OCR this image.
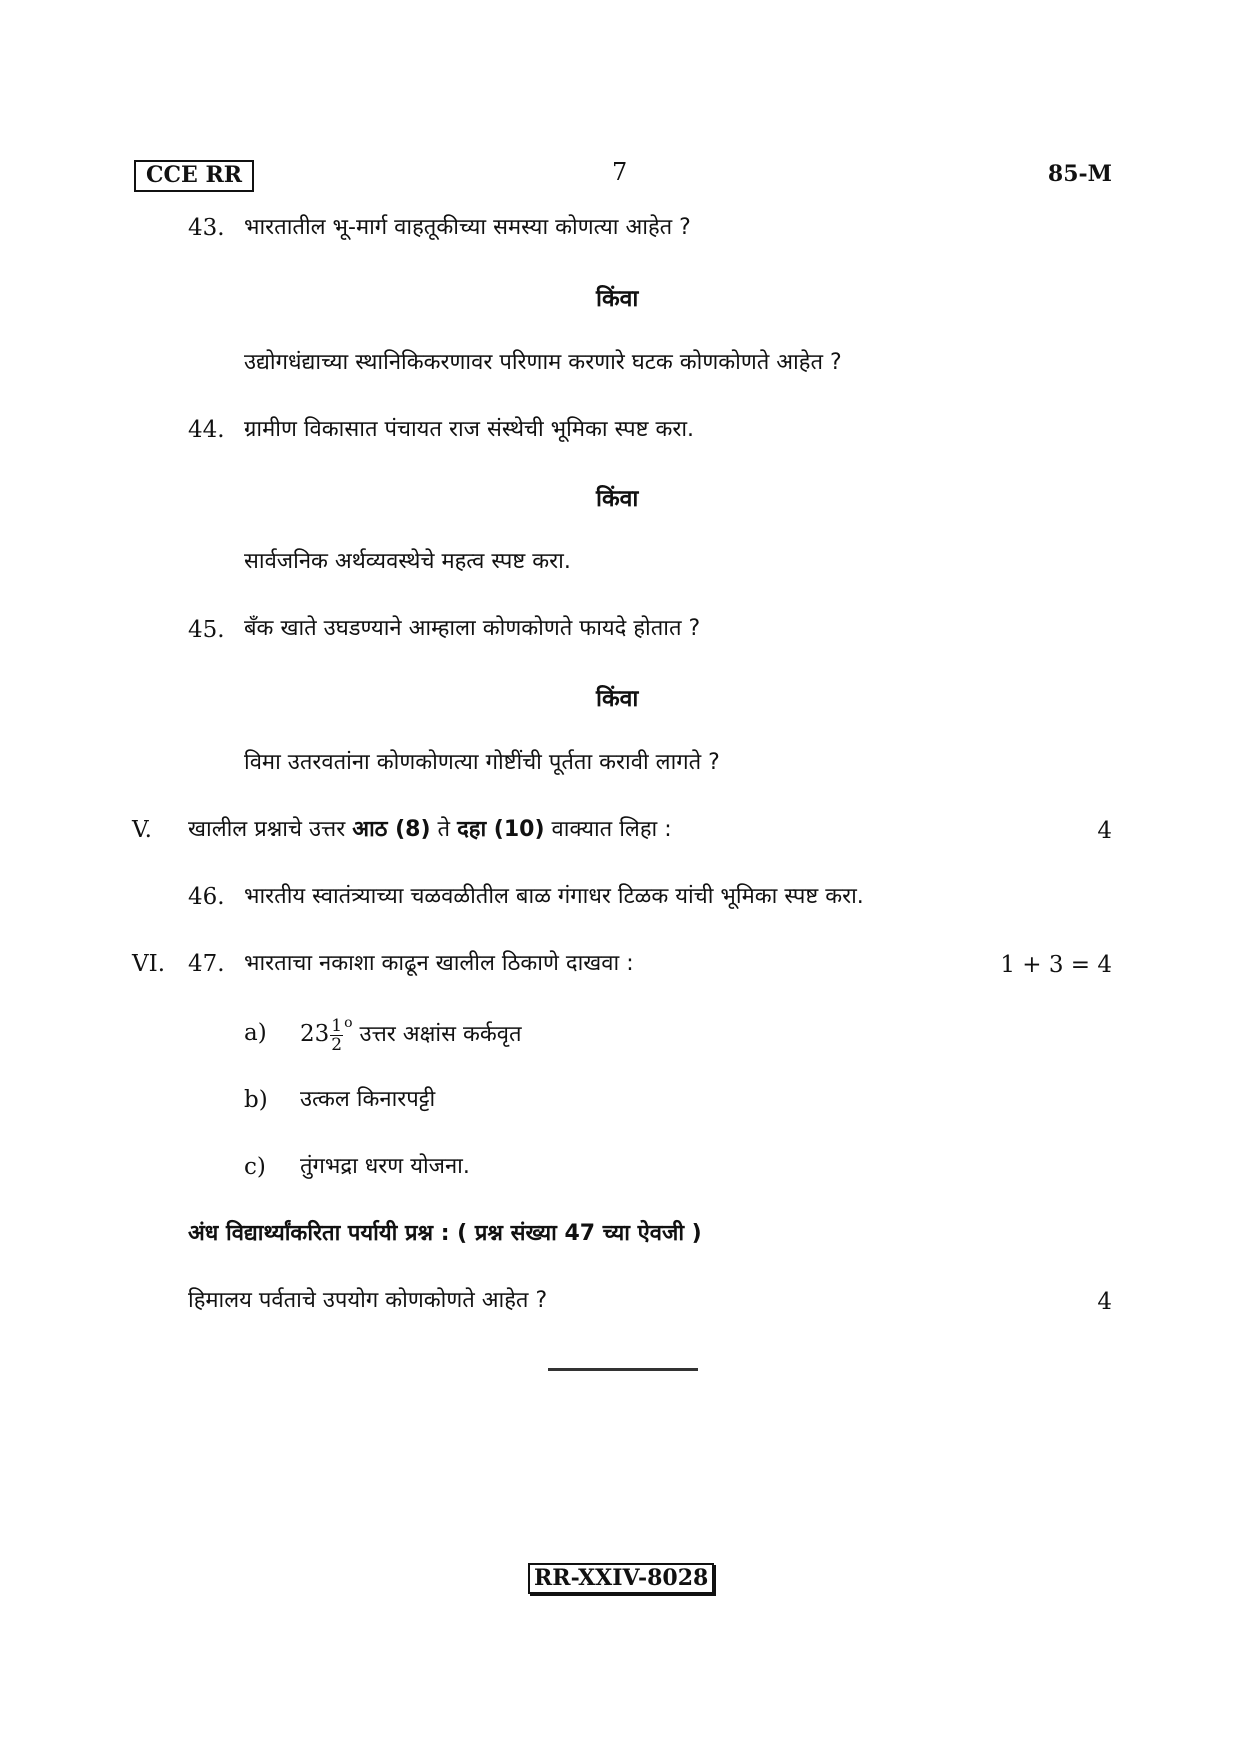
CCE RR	7	85-M
43. भारतातील भू-मार्ग वाहतूकीच्या समस्या कोणत्या आहेत ?
किंवा
उद्योगधंद्याच्या स्थानिकिकरणावर परिणाम करणारे घटक कोणकोणते आहेत ?
44. ग्रामीण विकासात पंचायत राज संस्थेची भूमिका स्पष्ट करा.
किंवा
सार्वजनिक अर्थव्यवस्थेचे महत्व स्पष्ट करा.
45. बँक खाते उघडण्याने आम्हाला कोणकोणते फायदे होतात ?
किंवा
विमा उतरवतांना कोणकोणत्या गोष्टींची पूर्तता करावी लागते ?
V. खालील प्रश्नाचे उत्तर आठ (8) ते दहा (10) वाक्यात लिहा :	4
46. भारतीय स्वातंत्र्याच्या चळवळीतील बाळ गंगाधर टिळक यांची भूमिका स्पष्ट करा.
VI. 47. भारताचा नकाशा काढून खालील ठिकाणे दाखवा :	1 + 3 = 4
a) $23 \frac{1}{2} ^o$ उत्तर अक्षांस कर्कवृत
b) उत्कल किनारपट्टी
c) तुंगभद्रा धरण योजना.
अंध विद्यार्थ्यांकरिता पर्यायी प्रश्न : ( प्रश्न संख्या 47 च्या ऐवजी )
हिमालय पर्वताचे उपयोग कोणकोणते आहेत ?	4
RR-XXIV-8028
